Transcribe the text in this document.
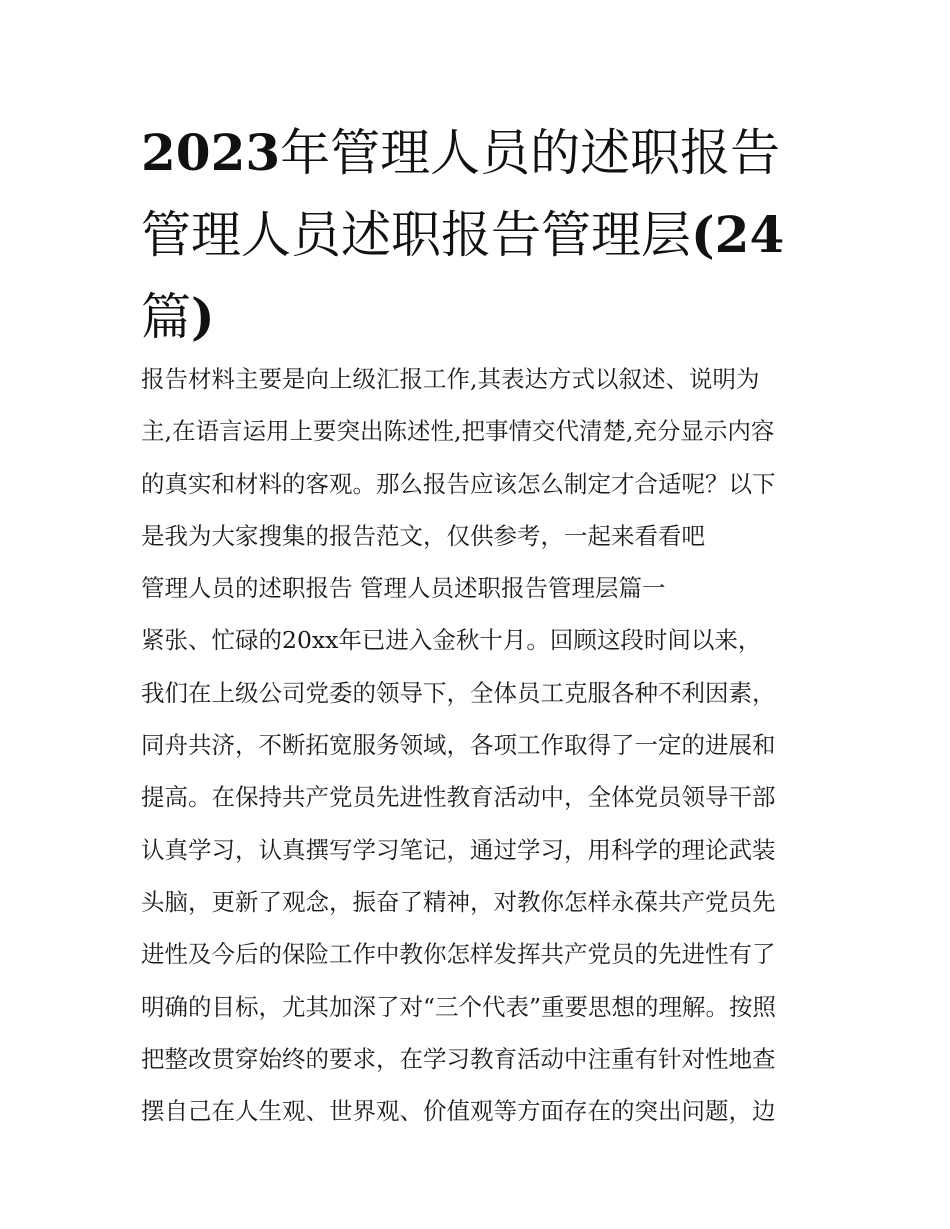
2023年管理人员的述职报告
管理人员述职报告管理层(24
篇)

报告材料主要是向上级汇报工作,其表达方式以叙述、说明为

主,在语言运用上要突出陈述性,把事情交代清楚,充分显示内容

的真实和材料的客观。那么报告应该怎么制定才合适呢？以下

是我为大家搜集的报告范文，仅供参考，一起来看看吧

管理人员的述职报告 管理人员述职报告管理层篇一

紧张、忙碌的20xx年已进入金秋十月。回顾这段时间以来，

我们在上级公司党委的领导下，全体员工克服各种不利因素，

同舟共济，不断拓宽服务领域，各项工作取得了一定的进展和

提高。在保持共产党员先进性教育活动中，全体党员领导干部

认真学习，认真撰写学习笔记，通过学习，用科学的理论武装

头脑，更新了观念，振奋了精神，对教你怎样永葆共产党员先

进性及今后的保险工作中教你怎样发挥共产党员的先进性有了

明确的目标，尤其加深了对“三个代表”重要思想的理解。按照

把整改贯穿始终的要求，在学习教育活动中注重有针对性地查

摆自己在人生观、世界观、价值观等方面存在的突出问题，边
